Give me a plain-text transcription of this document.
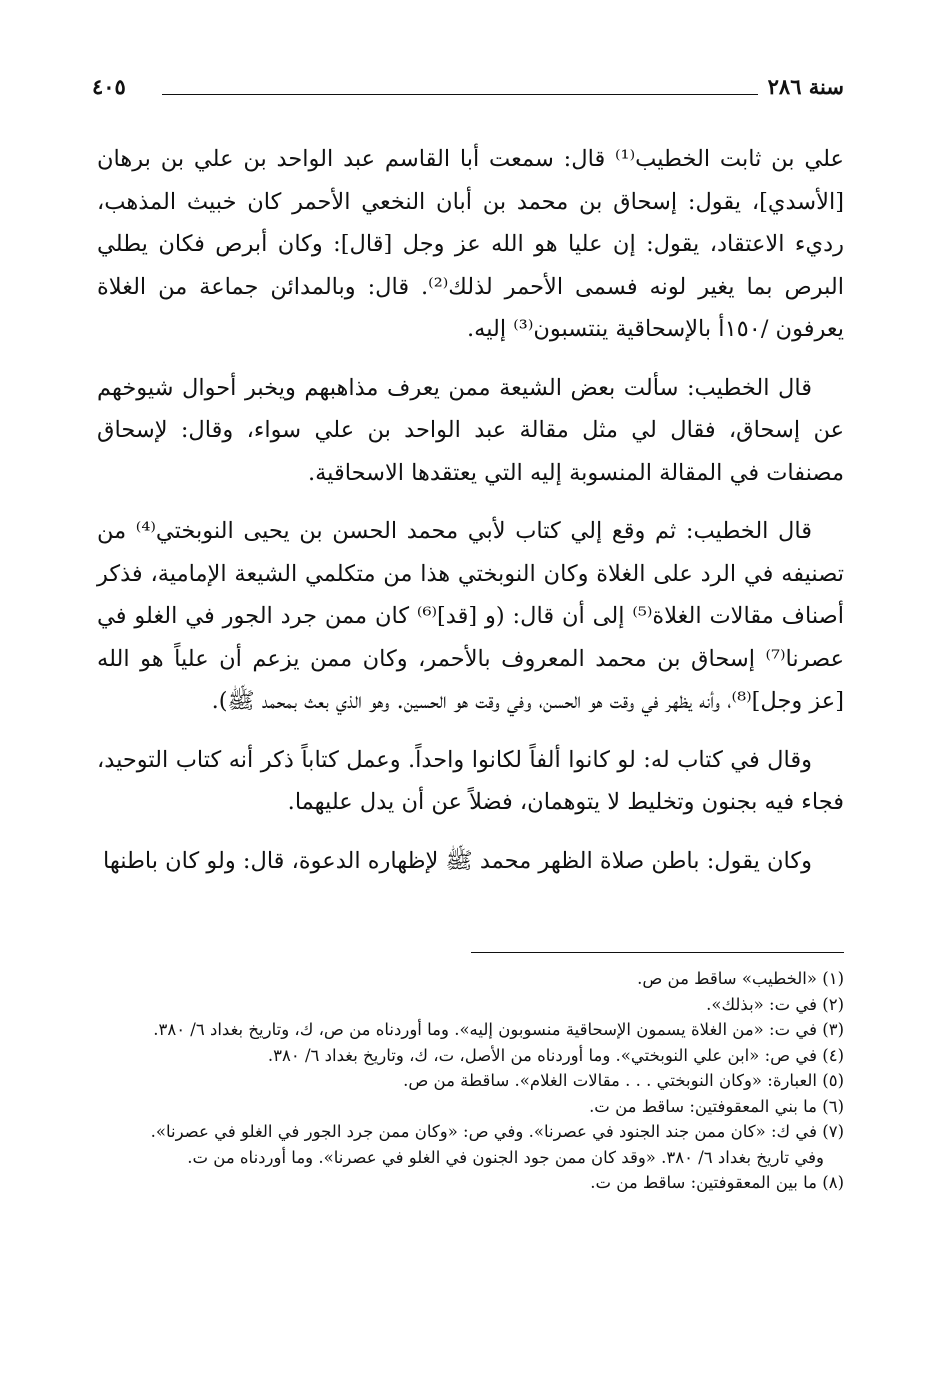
سنة ٢٨٦
٤٠٥

علي بن ثابت الخطيب⁽¹⁾ قال: سمعت أبا القاسم عبد الواحد بن علي بن برهان [الأسدي]، يقول: إسحاق بن محمد بن أبان النخعي الأحمر كان خبيث المذهب، رديء الاعتقاد، يقول: إن عليا هو الله عز وجل [قال]: وكان أبرص فكان يطلي البرص بما يغير لونه فسمى الأحمر لذلك⁽²⁾. قال: وبالمدائن جماعة من الغلاة يعرفون /١٥٠أ بالإسحاقية ينتسبون⁽³⁾ إليه.

قال الخطيب: سألت بعض الشيعة ممن يعرف مذاهبهم ويخبر أحوال شيوخهم عن إسحاق، فقال لي مثل مقالة عبد الواحد بن علي سواء، وقال: لإسحاق مصنفات في المقالة المنسوبة إليه التي يعتقدها الاسحاقية.

قال الخطيب: ثم وقع إلي كتاب لأبي محمد الحسن بن يحيى النوبختي⁽⁴⁾ من تصنيفه في الرد على الغلاة وكان النوبختي هذا من متكلمي الشيعة الإمامية، فذكر أصناف مقالات الغلاة⁽⁵⁾ إلى أن قال: (و [قد]⁽⁶⁾ كان ممن جرد الجور في الغلو في عصرنا⁽⁷⁾ إسحاق بن محمد المعروف بالأحمر، وكان ممن يزعم أن علياً هو الله [عز وجل]⁽⁸⁾، وأنه يظهر في وقت هو الحسن، وفي وقت هو الحسين. وهو الذي بعث بمحمد ﷺ).

وقال في كتاب له: لو كانوا ألفاً لكانوا واحداً. وعمل كتاباً ذكر أنه كتاب التوحيد، فجاء فيه بجنون وتخليط لا يتوهمان، فضلاً عن أن يدل عليهما.

وكان يقول: باطن صلاة الظهر محمد ﷺ لإظهاره الدعوة، قال: ولو كان باطنها

(١) «الخطيب» ساقط من ص.

(٢) في ت: «بذلك».

(٣) في ت: «من الغلاة يسمون الإسحاقية منسوبون إليه». وما أوردناه من ص، ك، وتاريخ بغداد ٦/ ٣٨٠.

(٤) في ص: «ابن علي النوبختي». وما أوردناه من الأصل، ت، ك، وتاريخ بغداد ٦/ ٣٨٠.

(٥) العبارة: «وكان النوبختي . . . مقالات الغلام». ساقطة من ص.

(٦) ما بني المعقوفتين: ساقط من ت.

(٧) في ك: «كان ممن جند الجنود في عصرنا». وفي ص: «وكان ممن جرد الجور في الغلو في عصرنا».

وفي تاريخ بغداد ٦/ ٣٨٠. «وقد كان ممن جود الجنون في الغلو في عصرنا». وما أوردناه من ت.

(٨) ما بين المعقوفتين: ساقط من ت.
